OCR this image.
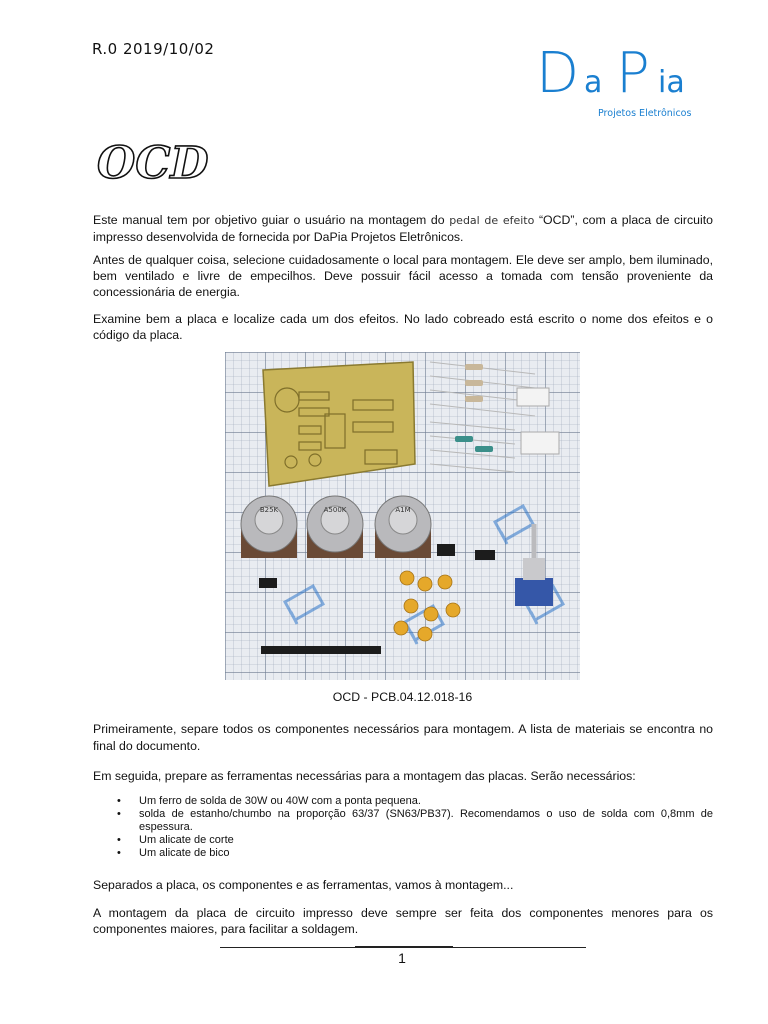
R.0 2019/10/02	D a P ia
Projetos Eletrônicos
OCD

Este manual tem por objetivo guiar o usuário na montagem do pedal de efeito “OCD”, com a placa de circuito impresso desenvolvida de fornecida por DaPia Projetos Eletrônicos.

Antes de qualquer coisa, selecione cuidadosamente o local para montagem. Ele deve ser amplo, bem iluminado, bem ventilado e livre de empecilhos. Deve possuir fácil acesso a tomada com tensão proveniente da concessionária de energia.

Examine bem a placa e localize cada um dos efeitos. No lado cobreado está escrito o nome dos efeitos e o código da placa.

B25K	A500K	A1M
OCD - PCB.04.12.018-16

Primeiramente, separe todos os componentes necessários para montagem. A lista de materiais se encontra no final do documento.

Em seguida, prepare as ferramentas necessárias para a montagem das placas. Serão necessários:

• Um ferro de solda de 30W ou 40W com a ponta pequena.
• solda de estanho/chumbo na proporção 63/37 (SN63/PB37). Recomendamos o uso de solda com 0,8mm de espessura.
• Um alicate de corte
• Um alicate de bico

Separados a placa, os componentes e as ferramentas, vamos à montagem...

A montagem da placa de circuito impresso deve sempre ser feita dos componentes menores para os componentes maiores, para facilitar a soldagem.

1
